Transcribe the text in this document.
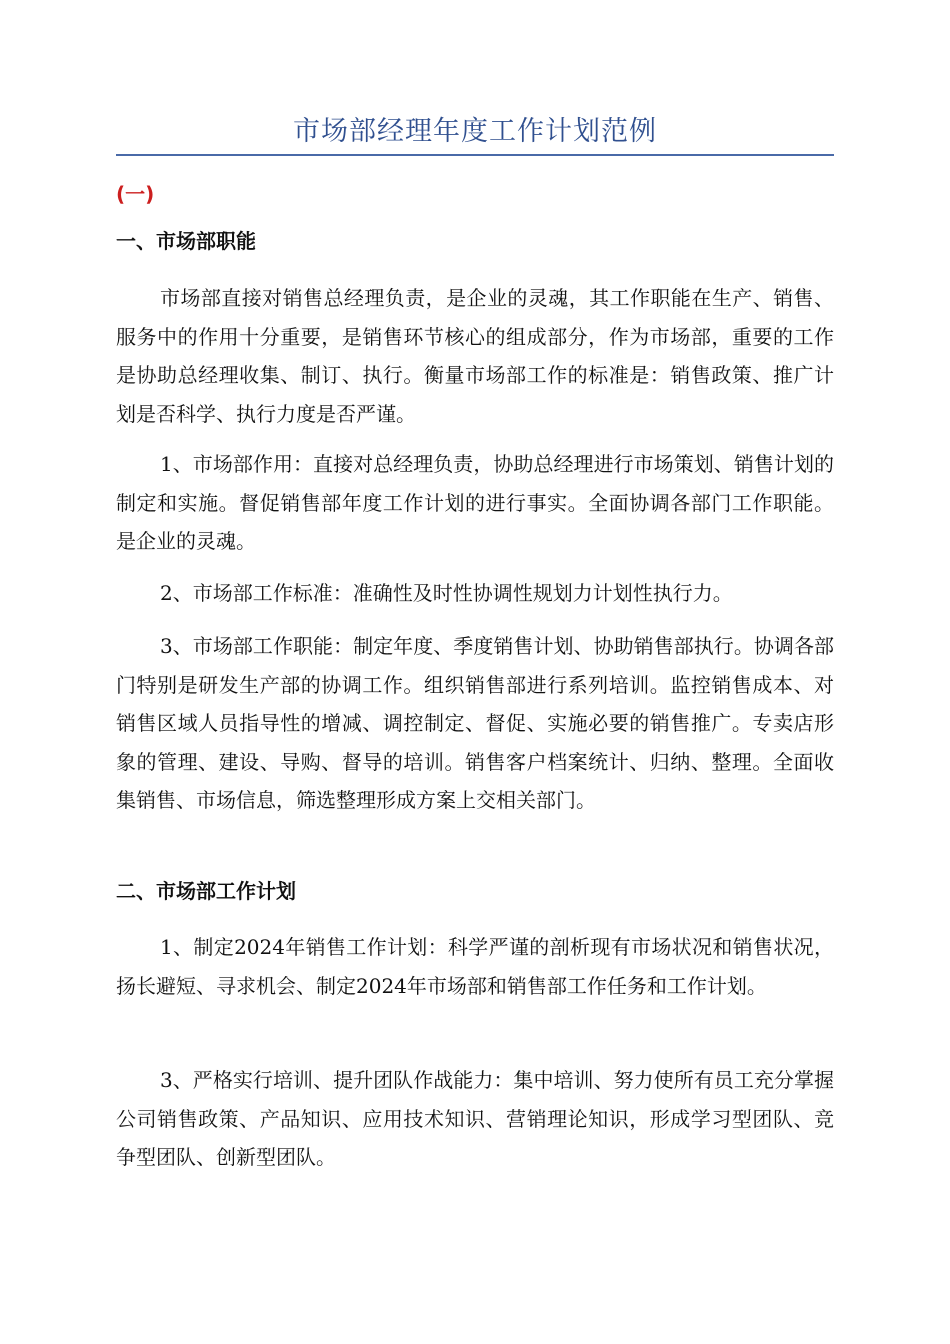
市场部经理年度工作计划范例
(一)
一、市场部职能

市场部直接对销售总经理负责，是企业的灵魂，其工作职能在生产、销售、服务中的作用十分重要，是销售环节核心的组成部分，作为市场部，重要的工作是协助总经理收集、制订、执行。衡量市场部工作的标准是：销售政策、推广计划是否科学、执行力度是否严谨。

1、市场部作用：直接对总经理负责，协助总经理进行市场策划、销售计划的制定和实施。督促销售部年度工作计划的进行事实。全面协调各部门工作职能。是企业的灵魂。

2、市场部工作标准：准确性及时性协调性规划力计划性执行力。

3、市场部工作职能：制定年度、季度销售计划、协助销售部执行。协调各部门特别是研发生产部的协调工作。组织销售部进行系列培训。监控销售成本、对销售区域人员指导性的增减、调控制定、督促、实施必要的销售推广。专卖店形象的管理、建设、导购、督导的培训。销售客户档案统计、归纳、整理。全面收集销售、市场信息，筛选整理形成方案上交相关部门。

二、市场部工作计划

1、制定2024年销售工作计划：科学严谨的剖析现有市场状况和销售状况，扬长避短、寻求机会、制定2024年市场部和销售部工作任务和工作计划。

3、严格实行培训、提升团队作战能力：集中培训、努力使所有员工充分掌握公司销售政策、产品知识、应用技术知识、营销理论知识，形成学习型团队、竞争型团队、创新型团队。
